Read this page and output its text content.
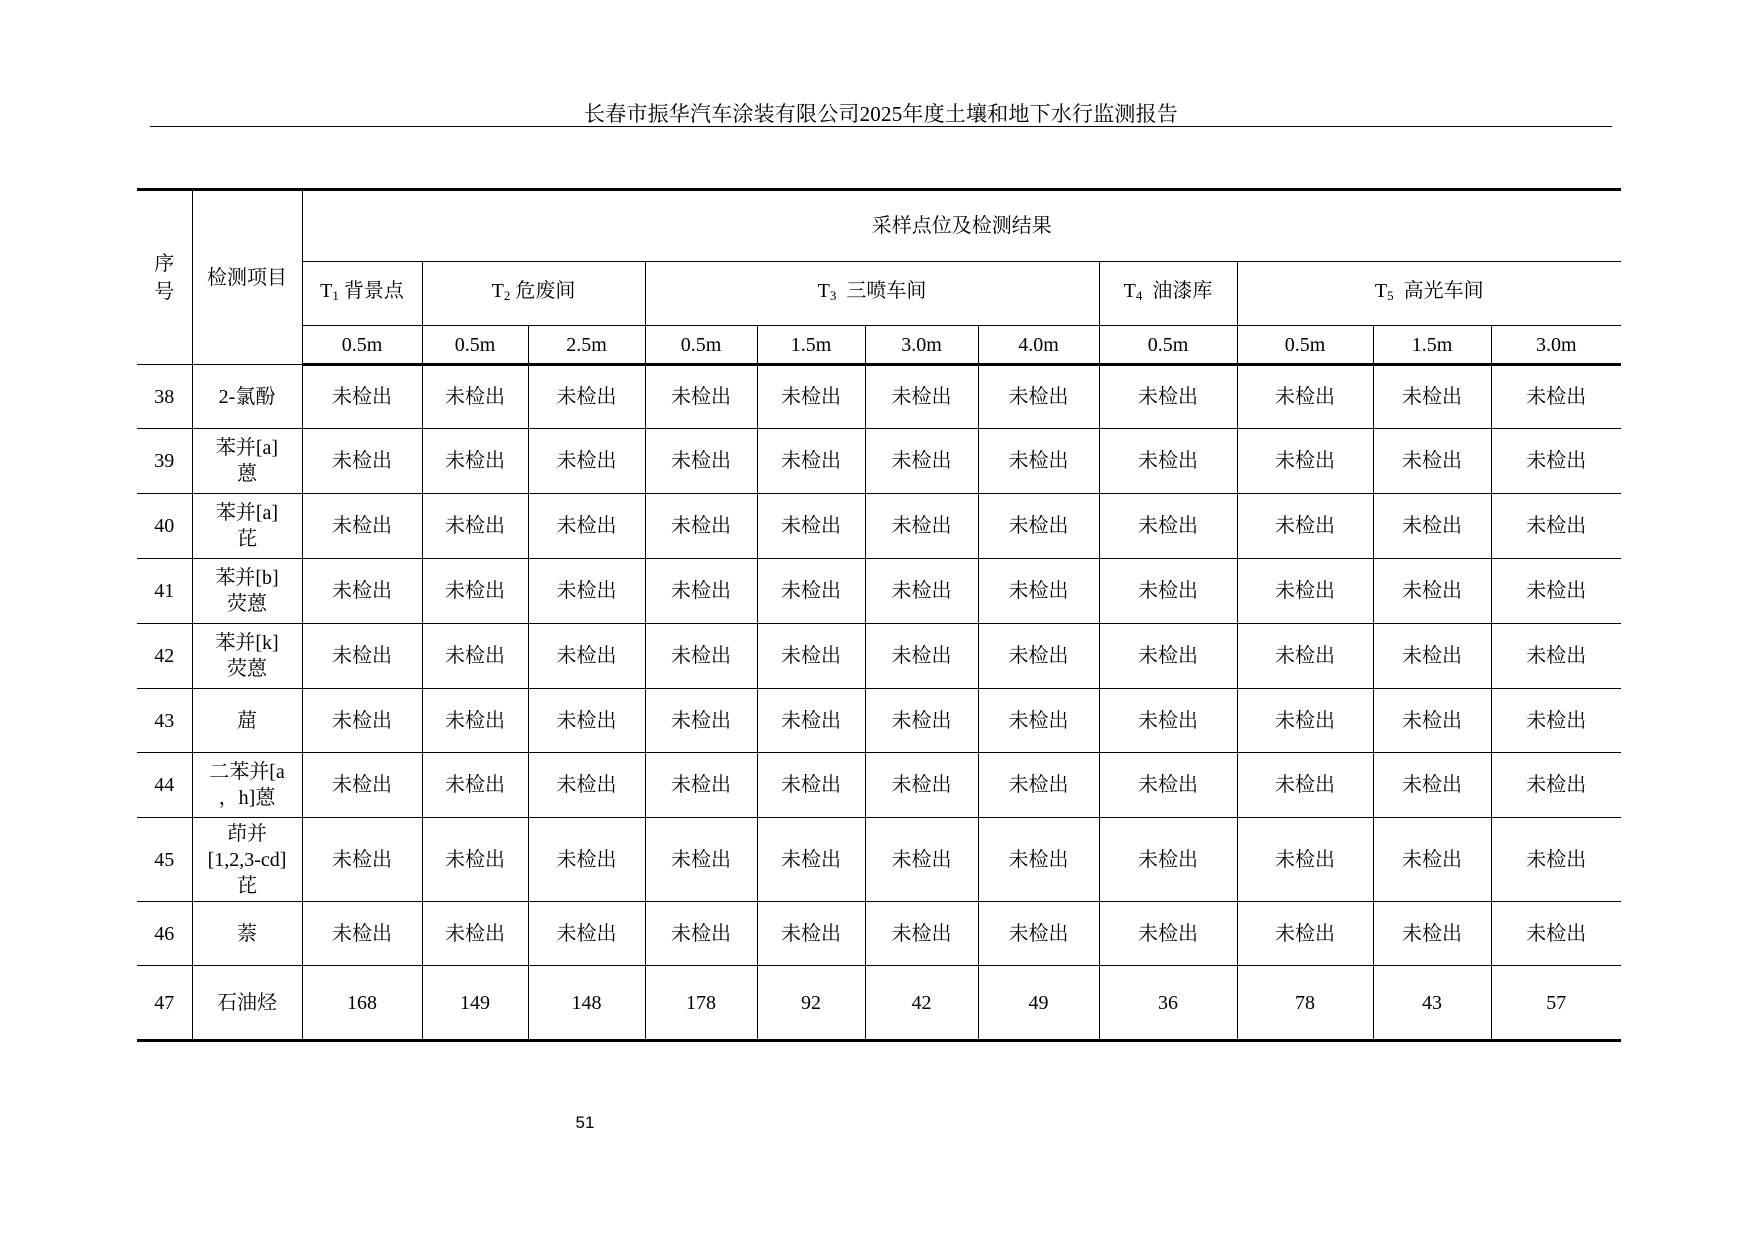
长春市振华汽车涂装有限公司2025年度土壤和地下水行监测报告
序号	检测项目	采样点位及检测结果										
		$T_1$ 背景点	$T_2$ 危废间		$T_3$ 三喷车间				$T_4$ 油漆库	$T_5$ 高光车间		
		0.5m	0.5m	2.5m	0.5m	1.5m	3.0m	4.0m	0.5m	0.5m	1.5m	3.0m
38	2-氯酚	未检出	未检出	未检出	未检出	未检出	未检出	未检出	未检出	未检出	未检出	未检出
39	苯并[a]
蒽	未检出	未检出	未检出	未检出	未检出	未检出	未检出	未检出	未检出	未检出	未检出
40	苯并[a]
芘	未检出	未检出	未检出	未检出	未检出	未检出	未检出	未检出	未检出	未检出	未检出
41	苯并[b]
荧蒽	未检出	未检出	未检出	未检出	未检出	未检出	未检出	未检出	未检出	未检出	未检出
42	苯并[k]
荧蒽	未检出	未检出	未检出	未检出	未检出	未检出	未检出	未检出	未检出	未检出	未检出
43	䓛	未检出	未检出	未检出	未检出	未检出	未检出	未检出	未检出	未检出	未检出	未检出
44	二苯并[a
，h]蒽	未检出	未检出	未检出	未检出	未检出	未检出	未检出	未检出	未检出	未检出	未检出
45	茚并
[1,2,3-cd]
芘	未检出	未检出	未检出	未检出	未检出	未检出	未检出	未检出	未检出	未检出	未检出
46	萘	未检出	未检出	未检出	未检出	未检出	未检出	未检出	未检出	未检出	未检出	未检出
47	石油烃	168	149	148	178	92	42	49	36	78	43	57
51
